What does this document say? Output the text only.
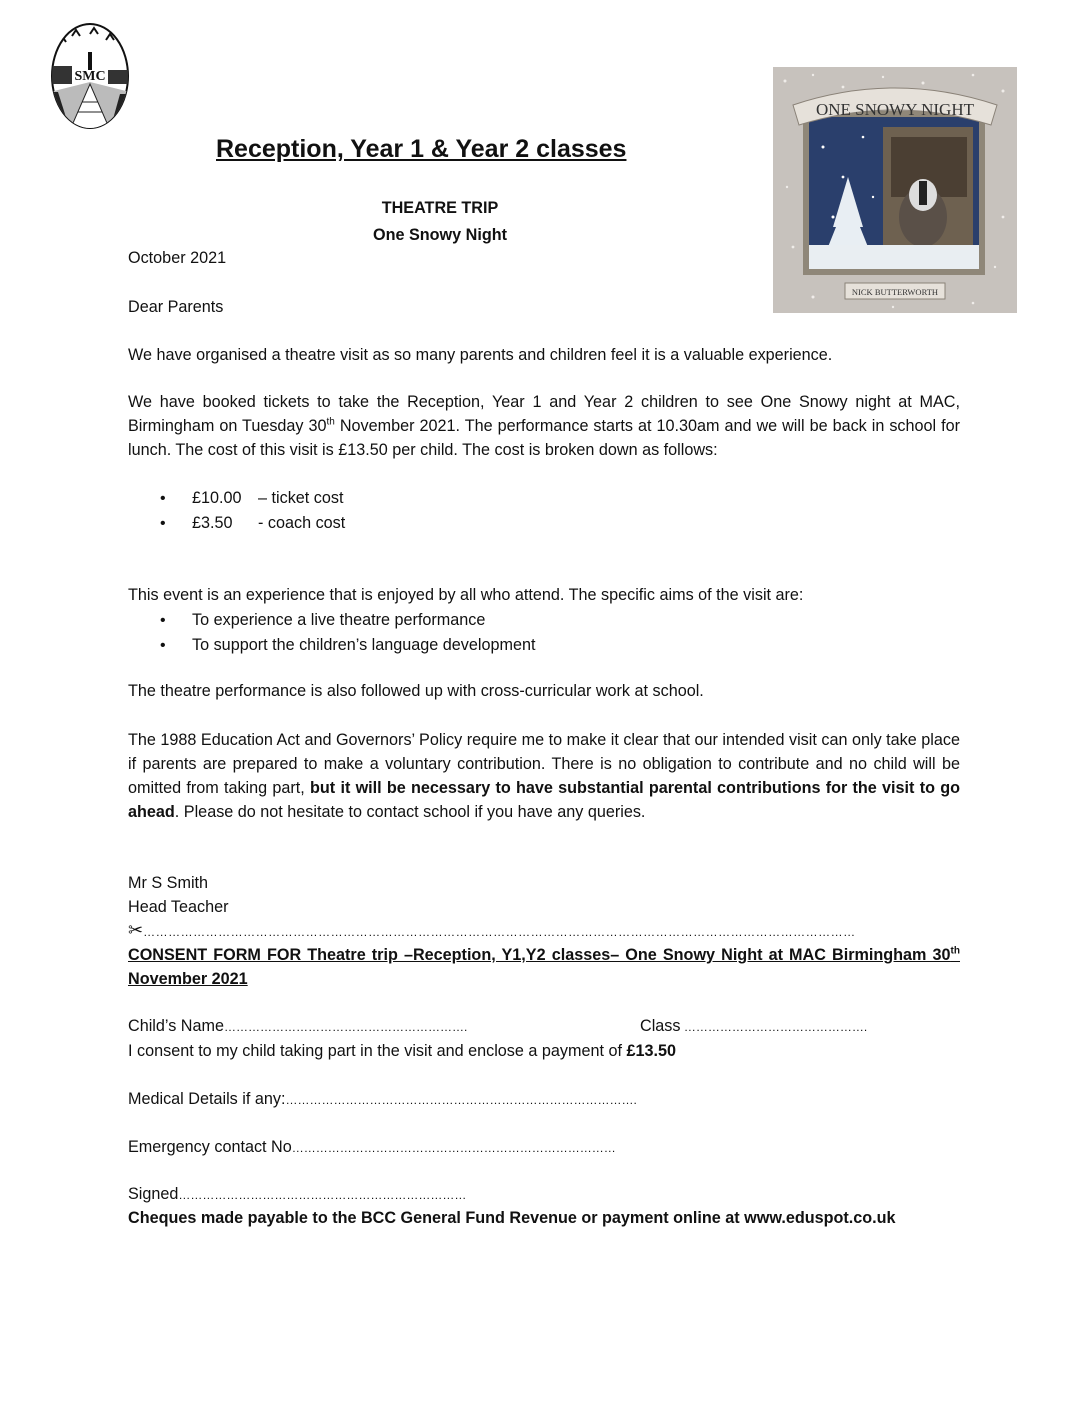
SMC
ONE SNOWY NIGHT
NICK BUTTERWORTH
Reception, Year 1 & Year 2 classes
THEATRE TRIP
One Snowy Night
October 2021
Dear Parents
We have organised a theatre visit as so many parents and children feel it is a valuable experience.
We have booked tickets to take the Reception, Year 1 and Year 2 children to see One Snowy night at MAC, Birmingham on Tuesday 30th November 2021. The performance starts at 10.30am and we will be back in school for lunch. The cost of this visit is £13.50 per child. The cost is broken down as follows:
• £10.00 – ticket cost
• £3.50 - coach cost
This event is an experience that is enjoyed by all who attend. The specific aims of the visit are:
• To experience a live theatre performance
• To support the children’s language development
The theatre performance is also followed up with cross-curricular work at school.
The 1988 Education Act and Governors’ Policy require me to make it clear that our intended visit can only take place if parents are prepared to make a voluntary contribution. There is no obligation to contribute and no child will be omitted from taking part, but it will be necessary to have substantial parental contributions for the visit to go ahead. Please do not hesitate to contact school if you have any queries.
Mr S Smith
Head Teacher
✂………………………………………………………………………………………………………………………………………………………
CONSENT FORM FOR Theatre trip –Reception, Y1,Y2 classes– One Snowy Night at MAC Birmingham 30th November 2021
Child’s Name…………………………………………………….	Class ……………………………………….
I consent to my child taking part in the visit and enclose a payment of £13.50
Medical Details if any:…………………………………………………………………………….
Emergency contact No………………………………………………………………………
Signed………………………………………………………………
Cheques made payable to the BCC General Fund Revenue or payment online at www.eduspot.co.uk
